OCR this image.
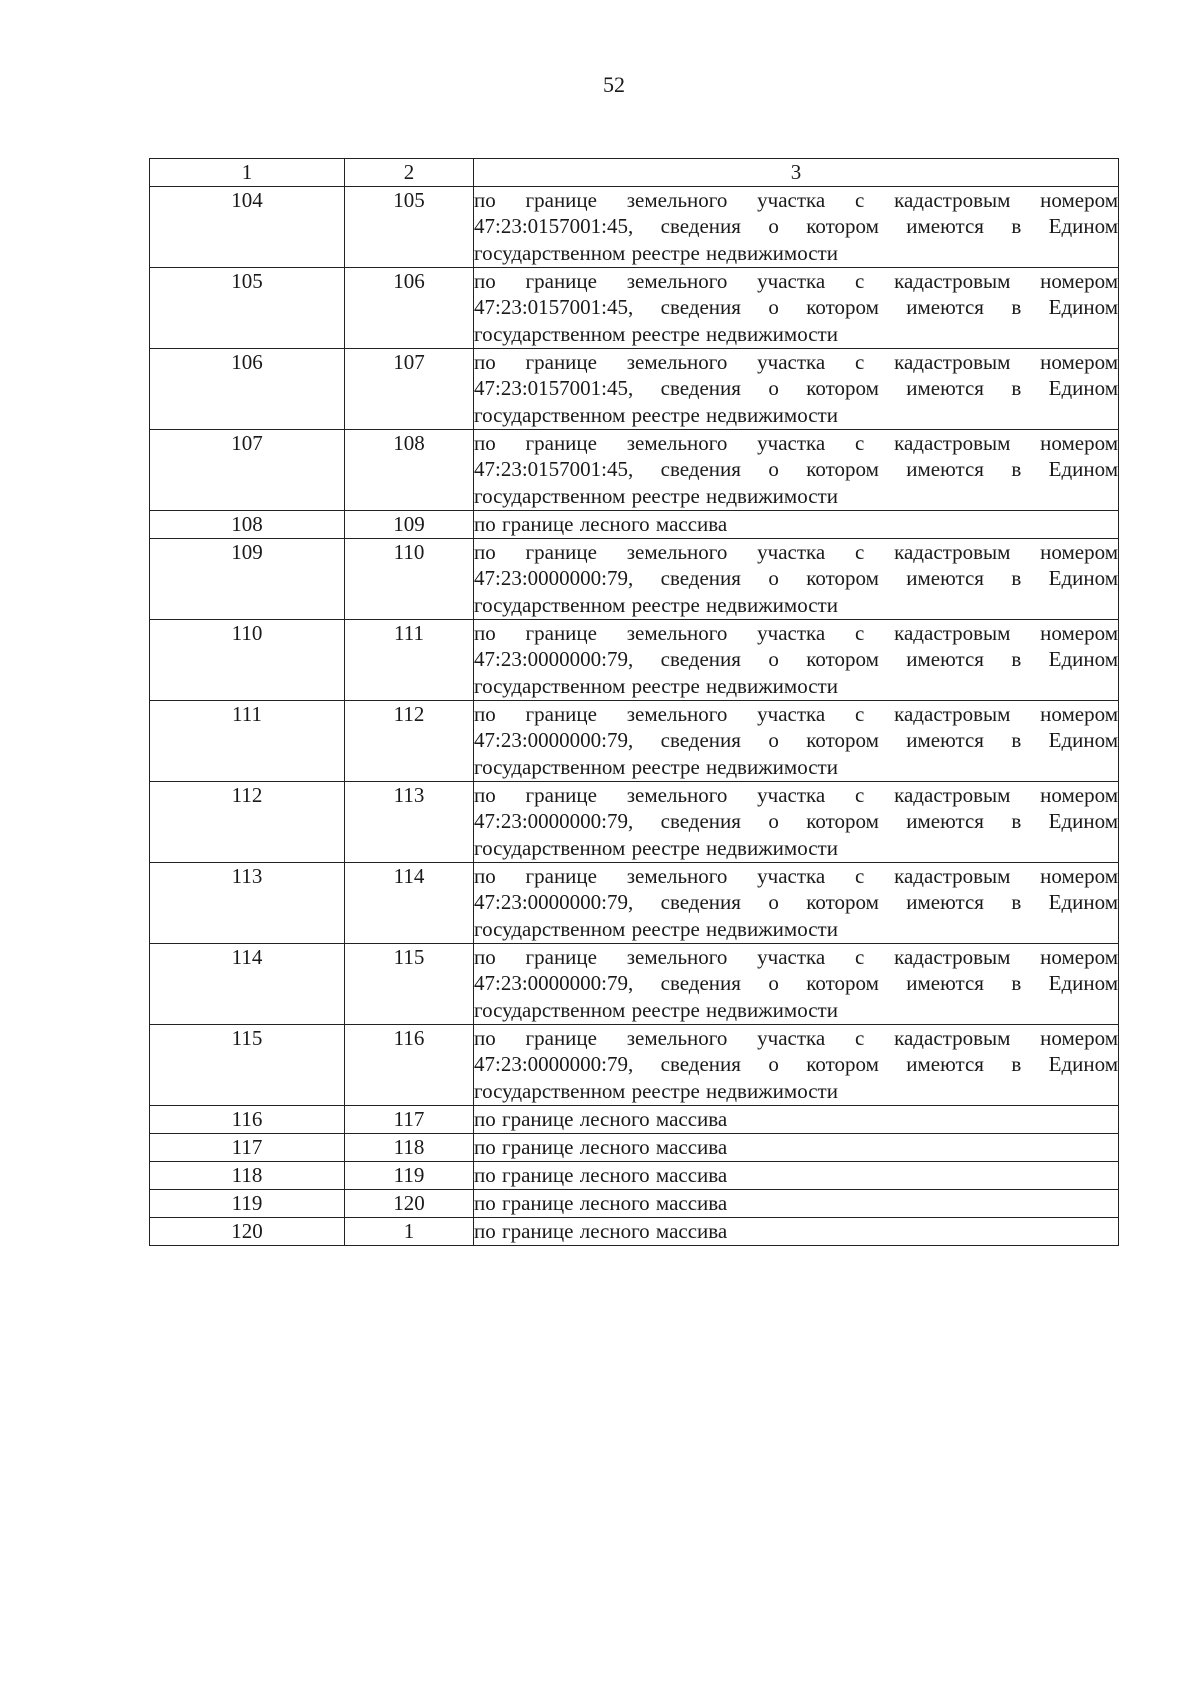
52
1	2	3
104	105	по границе земельного участка с кадастровым номером 47:23:0157001:45, сведения о котором имеются в Едином государственном реестре недвижимости
105	106	по границе земельного участка с кадастровым номером 47:23:0157001:45, сведения о котором имеются в Едином государственном реестре недвижимости
106	107	по границе земельного участка с кадастровым номером 47:23:0157001:45, сведения о котором имеются в Едином государственном реестре недвижимости
107	108	по границе земельного участка с кадастровым номером 47:23:0157001:45, сведения о котором имеются в Едином государственном реестре недвижимости
108	109	по границе лесного массива
109	110	по границе земельного участка с кадастровым номером 47:23:0000000:79, сведения о котором имеются в Едином государственном реестре недвижимости
110	111	по границе земельного участка с кадастровым номером 47:23:0000000:79, сведения о котором имеются в Едином государственном реестре недвижимости
111	112	по границе земельного участка с кадастровым номером 47:23:0000000:79, сведения о котором имеются в Едином государственном реестре недвижимости
112	113	по границе земельного участка с кадастровым номером 47:23:0000000:79, сведения о котором имеются в Едином государственном реестре недвижимости
113	114	по границе земельного участка с кадастровым номером 47:23:0000000:79, сведения о котором имеются в Едином государственном реестре недвижимости
114	115	по границе земельного участка с кадастровым номером 47:23:0000000:79, сведения о котором имеются в Едином государственном реестре недвижимости
115	116	по границе земельного участка с кадастровым номером 47:23:0000000:79, сведения о котором имеются в Едином государственном реестре недвижимости
116	117	по границе лесного массива
117	118	по границе лесного массива
118	119	по границе лесного массива
119	120	по границе лесного массива
120	1	по границе лесного массива
